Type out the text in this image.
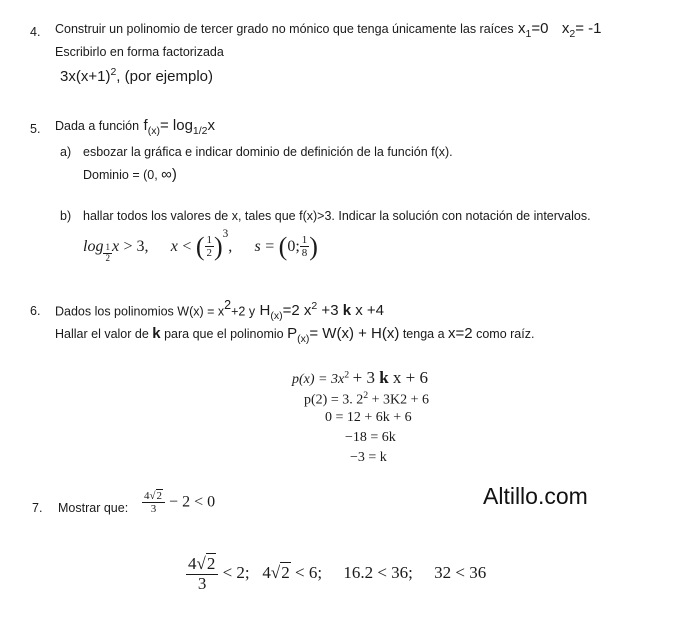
4. Construir un polinomio de tercer grado no mónico que tenga únicamente las raíces $x_1=0$ $x_2= -1$
Escribirlo en forma factorizada
$3x(x+1)^2$, (por ejemplo)
5. Dada a función $f_{(x)}= \log_{1/2}x$
a) esbozar la gráfica e indicar dominio de definición de la función f(x).
Dominio = (0, ∞)
b) hallar todos los valores de x, tales que f(x)>3. Indicar la solución con notación de intervalos.
$\log \frac{1}{2}$ x > 3, x < ( $\frac{1}{2} )^3$, s = (0; $\frac{1}{8}$ )
6. Dados los polinomios $W(x) = x^2+2$ y $H_{(x)}=2$ $x^2 +3$ k x +4
Hallar el valor de k para que el polinomio $P_{(x)}= W(x) + H(x)$ tenga a x=2 como raíz.
$p(x) = 3x^2 + 3$ k x + 6
p(2) = 3. $2^2 + 3K2 + 6$
0 = 12 + 6k + 6
−18 = 6k
−3 = k
Altillo.com
7. Mostrar que: $\frac{4√2}{3} - 2 < 0$
$\frac{4√2}{3} < 2$; 4√2 < 6; 16.2 < 36; 32 < 36
